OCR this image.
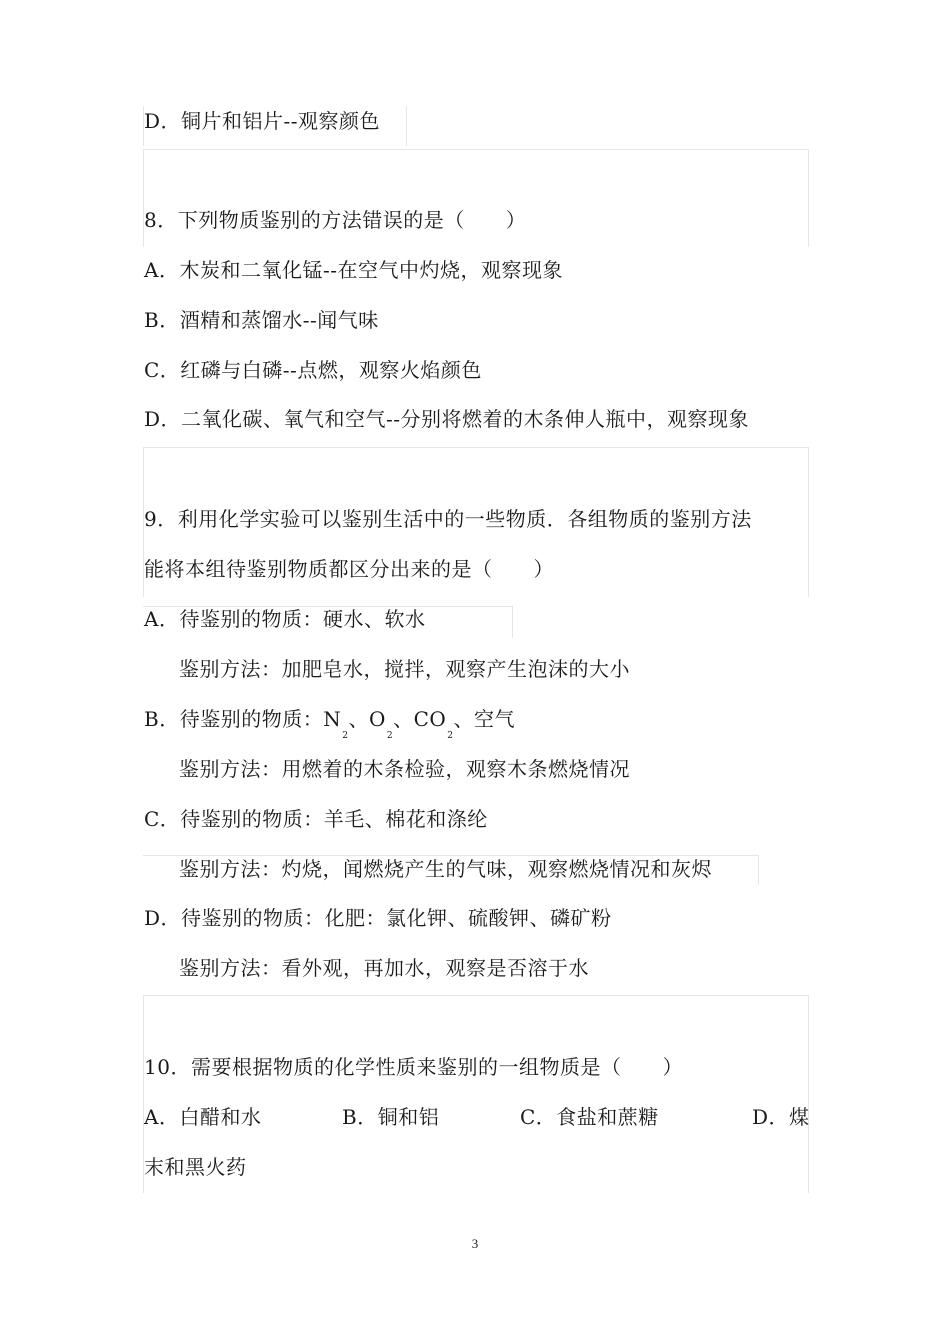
D．铜片和铝片--观察颜色
8．下列物质鉴别的方法错误的是（　　）
A．木炭和二氧化锰--在空气中灼烧，观察现象
B．酒精和蒸馏水--闻气味
C．红磷与白磷--点燃，观察火焰颜色
D．二氧化碳、氧气和空气--分别将燃着的木条伸人瓶中，观察现象
9．利用化学实验可以鉴别生活中的一些物质．各组物质的鉴别方法
能将本组待鉴别物质都区分出来的是（　　）
A．待鉴别的物质：硬水、软水
鉴别方法：加肥皂水，搅拌，观察产生泡沫的大小
B．待鉴别的物质：$N_2$、$O_2$、$CO_2$、空气
鉴别方法：用燃着的木条检验，观察木条燃烧情况
C．待鉴别的物质：羊毛、棉花和涤纶
鉴别方法：灼烧，闻燃烧产生的气味，观察燃烧情况和灰烬
D．待鉴别的物质：化肥：氯化钾、硫酸钾、磷矿粉
鉴别方法：看外观，再加水，观察是否溶于水
10．需要根据物质的化学性质来鉴别的一组物质是（　　）
A．白醋和水	B．铜和铝	C．食盐和蔗糖	D．煤
末和黑火药
3
